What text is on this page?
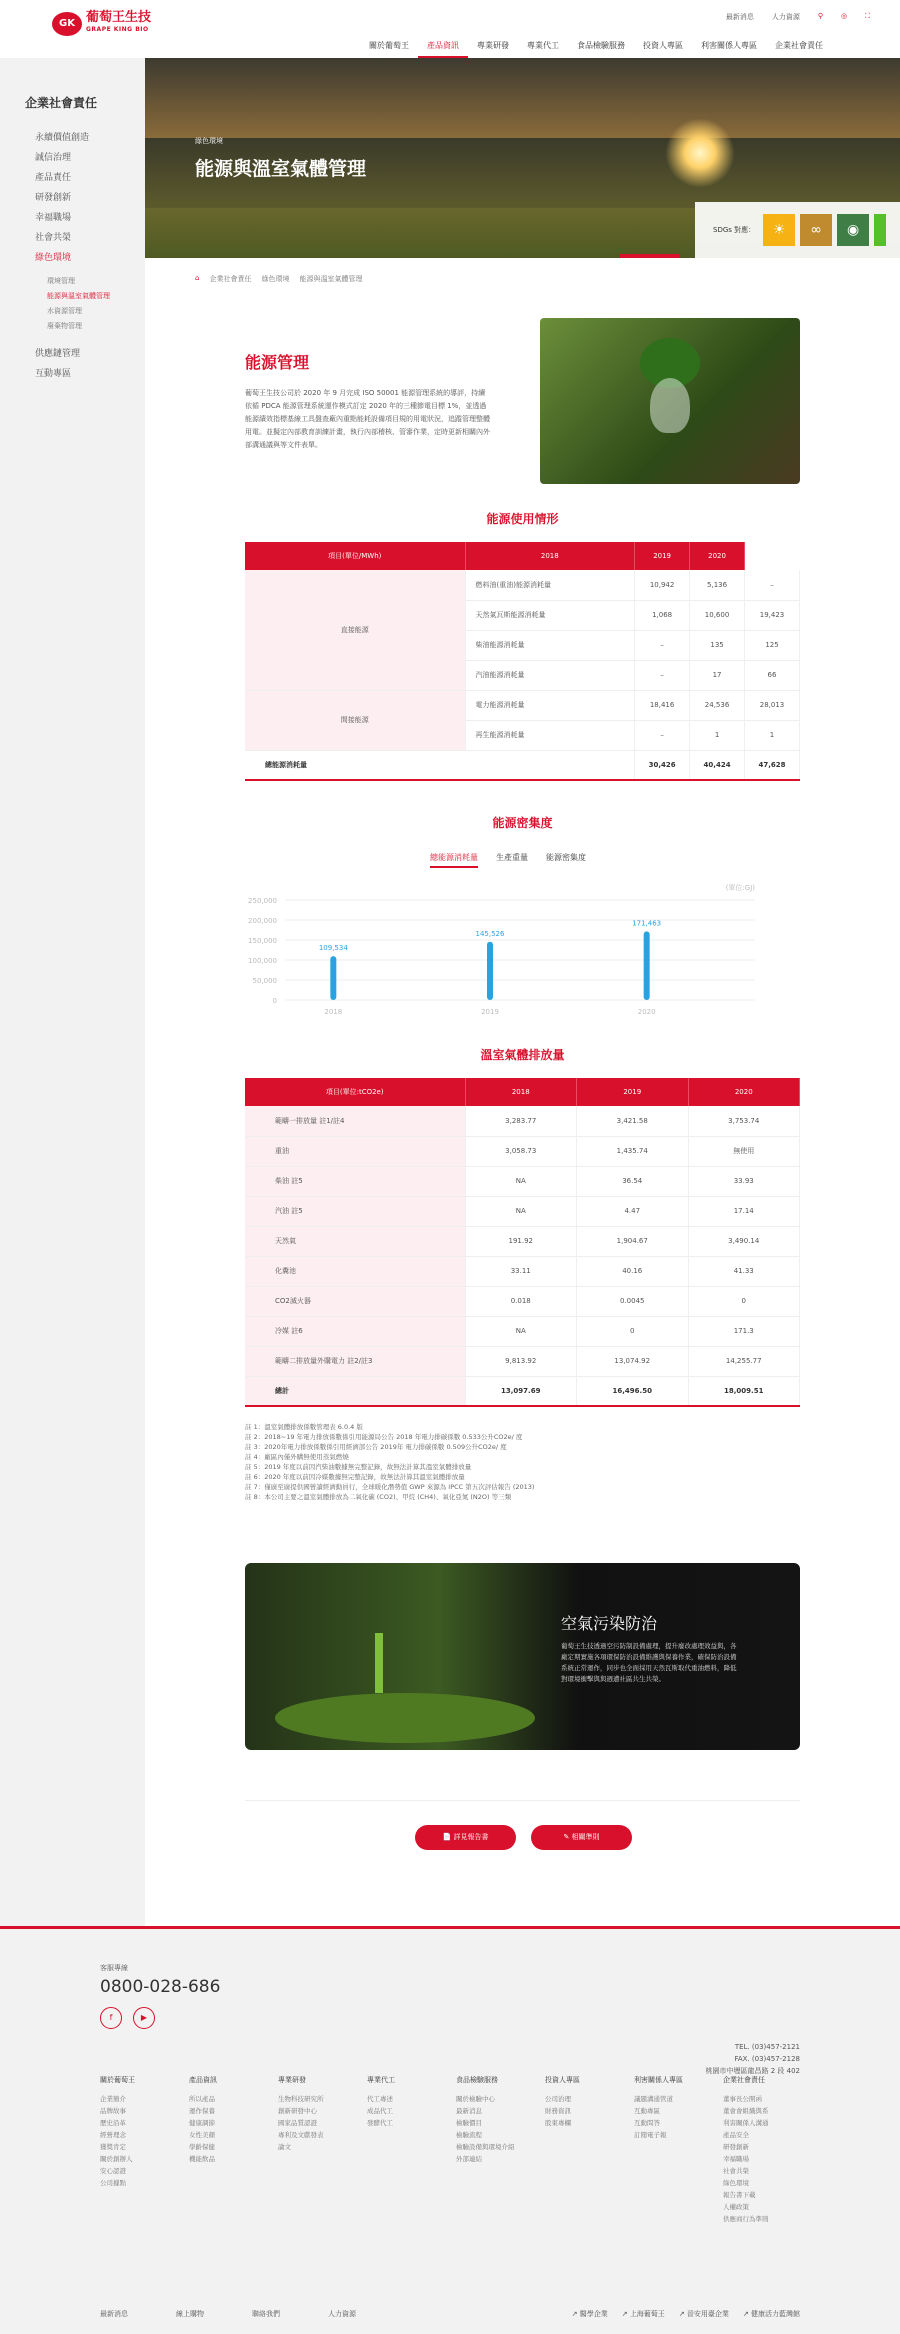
GK 葡萄王生技
GRAPE KING BIO
最新消息	人力資源	⚲	◎	⛶
關於葡萄王	產品資訊	專業研發	專業代工	食品檢驗服務	投資人專區	利害關係人專區	企業社會責任
企業社會責任
永續價值創造
誠信治理
產品責任
研發創新
幸福職場
社會共榮
綠色環境
環境管理
能源與溫室氣體管理
水資源管理
廢棄物管理
供應鏈管理
互動專區
綠色環境
能源與溫室氣體管理
SDGs 對應：	☀	∞	◉
⌂ 企業社會責任 綠色環境 能源與溫室氣體管理
能源管理

葡萄王生技公司於 2020 年 9 月完成 ISO 50001 能源管理系統的導評，持續依循 PDCA 能源管理系統運作模式訂定 2020 年的三種節電目標 1%，並透過能源績效指標基線工具盤查廠內重點能耗設備項目規的用電狀況，追蹤管理整體用電。並擬定內部教育訓練計畫，執行內部稽核、管審作業，定時更新相關內外部溝通議與等文件表單。

能源使用情形
項目(單位/MWh)	2018	2019	2020	
直接能源	燃料油(重油)能源消耗量	10,942	5,136	–
	天然氣瓦斯能源消耗量	1,068	10,600	19,423
	柴油能源消耗量	–	135	125
	汽油能源消耗量	–	17	66
間接能源	電力能源消耗量	18,416	24,536	28,013
	再生能源消耗量	–	1	1
總能源消耗量		30,426	40,424	47,628
能源密集度
總能源消耗量 生產重量 能源密集度
(單位:GJ)
0
50,000
100,000
150,000
200,000
250,000
109,534
2018
145,526
2019
171,463
2020
溫室氣體排放量
項目(單位:tCO2e)	2018	2019	2020
範疇一排放量 註1/註4	3,283.77	3,421.58	3,753.74
重油	3,058.73	1,435.74	無使用
柴油 註5	NA	36.54	33.93
汽油 註5	NA	4.47	17.14
天然氣	191.92	1,904.67	3,490.14
化糞池	33.11	40.16	41.33
CO2滅火器	0.018	0.0045	0
冷媒 註6	NA	0	171.3
範疇二排放量外購電力 註2/註3	9,813.92	13,074.92	14,255.77
總計	13,097.69	16,496.50	18,009.51
註 1：溫室氣體排放係數管理表 6.0.4 版
註 2：2018~19 年電力排放係數係引用能源局公告 2018 年電力排碳係數 0.533公升CO2e/ 度
註 3：2020年電力排放係數係引用經濟部公告 2019年 電力排碳係數 0.509公升CO2e/ 度
註 4：廠區內僅外購無使用蒸氣燃燒
註 5：2019 年度以前因汽柴油數據無完整記錄，故無法計算其溫室氣體排放量
註 6：2020 年度以前因冷媒數據無完整記錄，故無法計算其溫室氣體排放量
註 7：僅廣至廣提供國營讀經濟動員行，全球暖化潛勢值 GWP 來源為 IPCC 第五次評估報告 (2013)
註 8：本公司主要之溫室氣體排放為二氧化碳 (CO2)、甲烷 (CH4)、氧化亞氮 (N2O) 等三類
空氣污染防治

葡萄王生技透過空污防制設備處理，提升廢改處理效益與，各廠定期實施各項環保防治設備維護與保養作業，確保防治設備系統正常運作，同步也全面採用天然瓦斯取代重油燃料，降低對環境衝擊與與週遭社區共生共榮。

📄 詳見報告書	✎ 相關準則
客服專線
0800-028-686
f	▶
TEL. (03)457-2121
FAX. (03)457-2128
桃園市中壢區龍昌路 2 段 402
關於葡萄王
企業簡介
品牌故事
歷史沿革
經營理念
獲獎肯定
關於創辦人
安心認證
公司據點
產品資訊
所以產品
運作保養
健康調節
女性美顏
學齡保健
機能飲品
專業研發
生物科技研究所
創新研發中心
國家品質認證
專利及文獻發表
論文
專業代工
代工專述
成品代工
發酵代工
食品檢驗服務
關於檢驗中心
最新消息
檢驗價目
檢驗流程
檢驗設備與環境介紹
外部連結
投資人專區
公司治理
財務資訊
股東專欄
利害關係人專區
議題溝通管道
互動專區
互動問答
訂閱電子報
企業社會責任
董事長公開函
董會會組織與系
利害關係人溝通
產品安全
研發創新
幸福職場
社會共榮
綠色環境
報告書下載
人權政策
供應商行為準則
最新消息	線上購物	聯絡我們	人力資源	↗ 醫學企業 ↗ 上海葡萄王 ↗ 晉安用臺企業 ↗ 健康活力藍灣館
